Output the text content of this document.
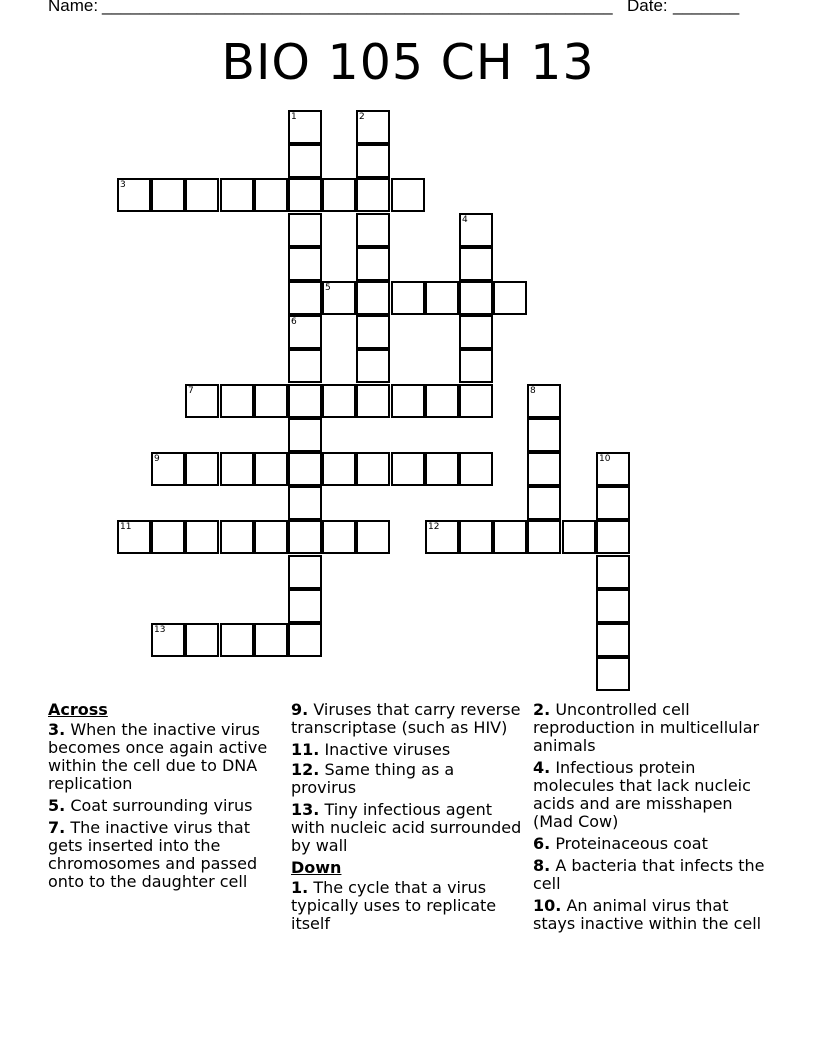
Name: ______________________________________________________ Date: _______
BIO 105 CH 13
1
6
2
3
4
5
7	8
9	10
11	12
13
Across
3. When the inactive virus becomes once again active within the cell due to DNA replication
5. Coat surrounding virus
7. The inactive virus that gets inserted into the chromosomes and passed onto to the daughter cell
9. Viruses that carry reverse transcriptase (such as HIV)
11. Inactive viruses
12. Same thing as a provirus
13. Tiny infectious agent with nucleic acid surrounded by wall
Down
1. The cycle that a virus typically uses to replicate itself
2. Uncontrolled cell reproduction in multicellular animals
4. Infectious protein molecules that lack nucleic acids and are misshapen (Mad Cow)
6. Proteinaceous coat
8. A bacteria that infects the cell
10. An animal virus that stays inactive within the cell
